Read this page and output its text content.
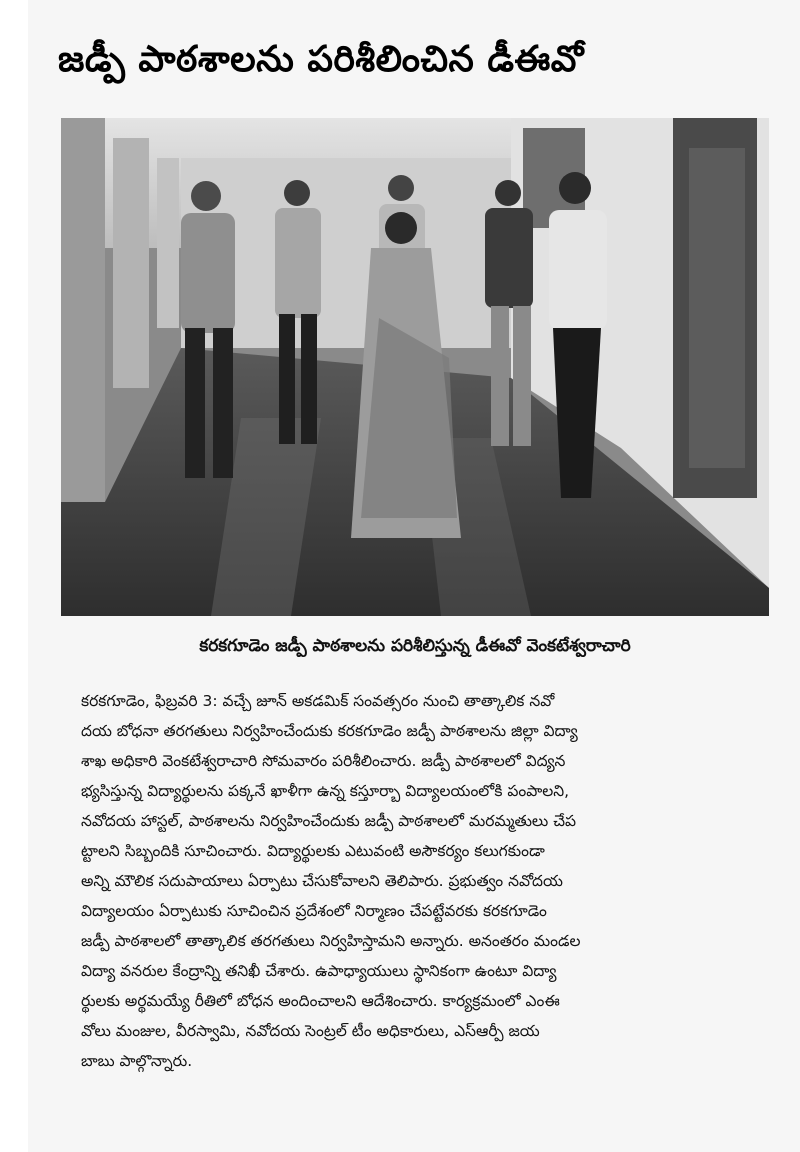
జడ్పీ పాఠశాలను పరిశీలించిన డీఈవో
కరకగూడెం జడ్పీ పాఠశాలను పరిశీలిస్తున్న డీఈవో వెంకటేశ్వరాచారి
కరకగూడెం, ఫిబ్రవరి 3: వచ్చే జూన్ అకడమిక్ సంవత్సరం నుంచి తాత్కాలిక నవో
దయ బోధనా తరగతులు నిర్వహించేందుకు కరకగూడెం జడ్పీ పాఠశాలను జిల్లా విద్యా
శాఖ అధికారి వెంకటేశ్వరాచారి సోమవారం పరిశీలించారు. జడ్పీ పాఠశాలలో విద్యన
భ్యసిస్తున్న విద్యార్థులను పక్కనే ఖాళీగా ఉన్న కస్తూర్బా విద్యాలయంలోకి పంపాలని,
నవోదయ హాస్టల్, పాఠశాలను నిర్వహించేందుకు జడ్పీ పాఠశాలలో మరమ్మతులు చేప
ట్టాలని సిబ్బందికి సూచించారు. విద్యార్థులకు ఎటువంటి అసౌకర్యం కలుగకుండా
అన్ని మౌలిక సదుపాయాలు ఏర్పాటు చేసుకోవాలని తెలిపారు. ప్రభుత్వం నవోదయ
విద్యాలయం ఏర్పాటుకు సూచించిన ప్రదేశంలో నిర్మాణం చేపట్టేవరకు కరకగూడెం
జడ్పీ పాఠశాలలో తాత్కాలిక తరగతులు నిర్వహిస్తామని అన్నారు. అనంతరం మండల
విద్యా వనరుల కేంద్రాన్ని తనిఖీ చేశారు. ఉపాధ్యాయులు స్థానికంగా ఉంటూ విద్యా
ర్థులకు అర్థమయ్యే రీతిలో బోధన అందించాలని ఆదేశించారు. కార్యక్రమంలో ఎంఈ
వోలు మంజుల, వీరస్వామి, నవోదయ సెంట్రల్ టీం అధికారులు, ఎస్ఆర్పీ జయ
బాబు పాల్గొన్నారు.
